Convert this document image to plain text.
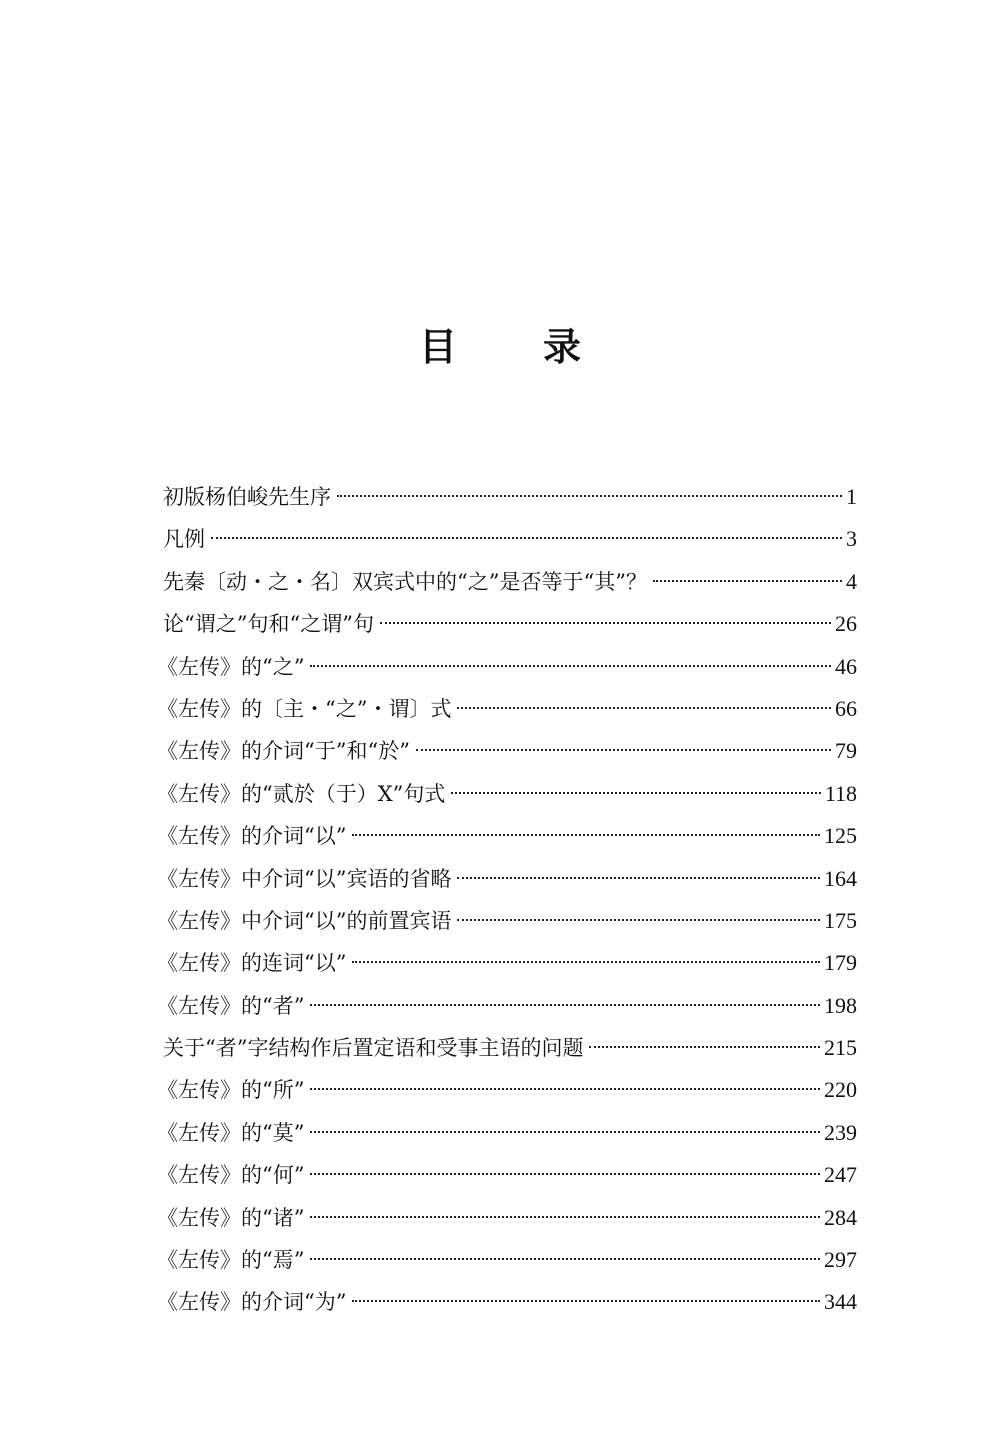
目 录
初版杨伯峻先生序	1
凡例	3
先秦〔动・之・名〕双宾式中的“之”是否等于“其”？	4
论“谓之”句和“之谓”句	26
《左传》的“之”	46
《左传》的〔主・“之”・谓〕式	66
《左传》的介词“于”和“於”	79
《左传》的“贰於（于）X”句式	118
《左传》的介词“以”	125
《左传》中介词“以”宾语的省略	164
《左传》中介词“以”的前置宾语	175
《左传》的连词“以”	179
《左传》的“者”	198
关于“者”字结构作后置定语和受事主语的问题	215
《左传》的“所”	220
《左传》的“莫”	239
《左传》的“何”	247
《左传》的“诸”	284
《左传》的“焉”	297
《左传》的介词“为”	344
